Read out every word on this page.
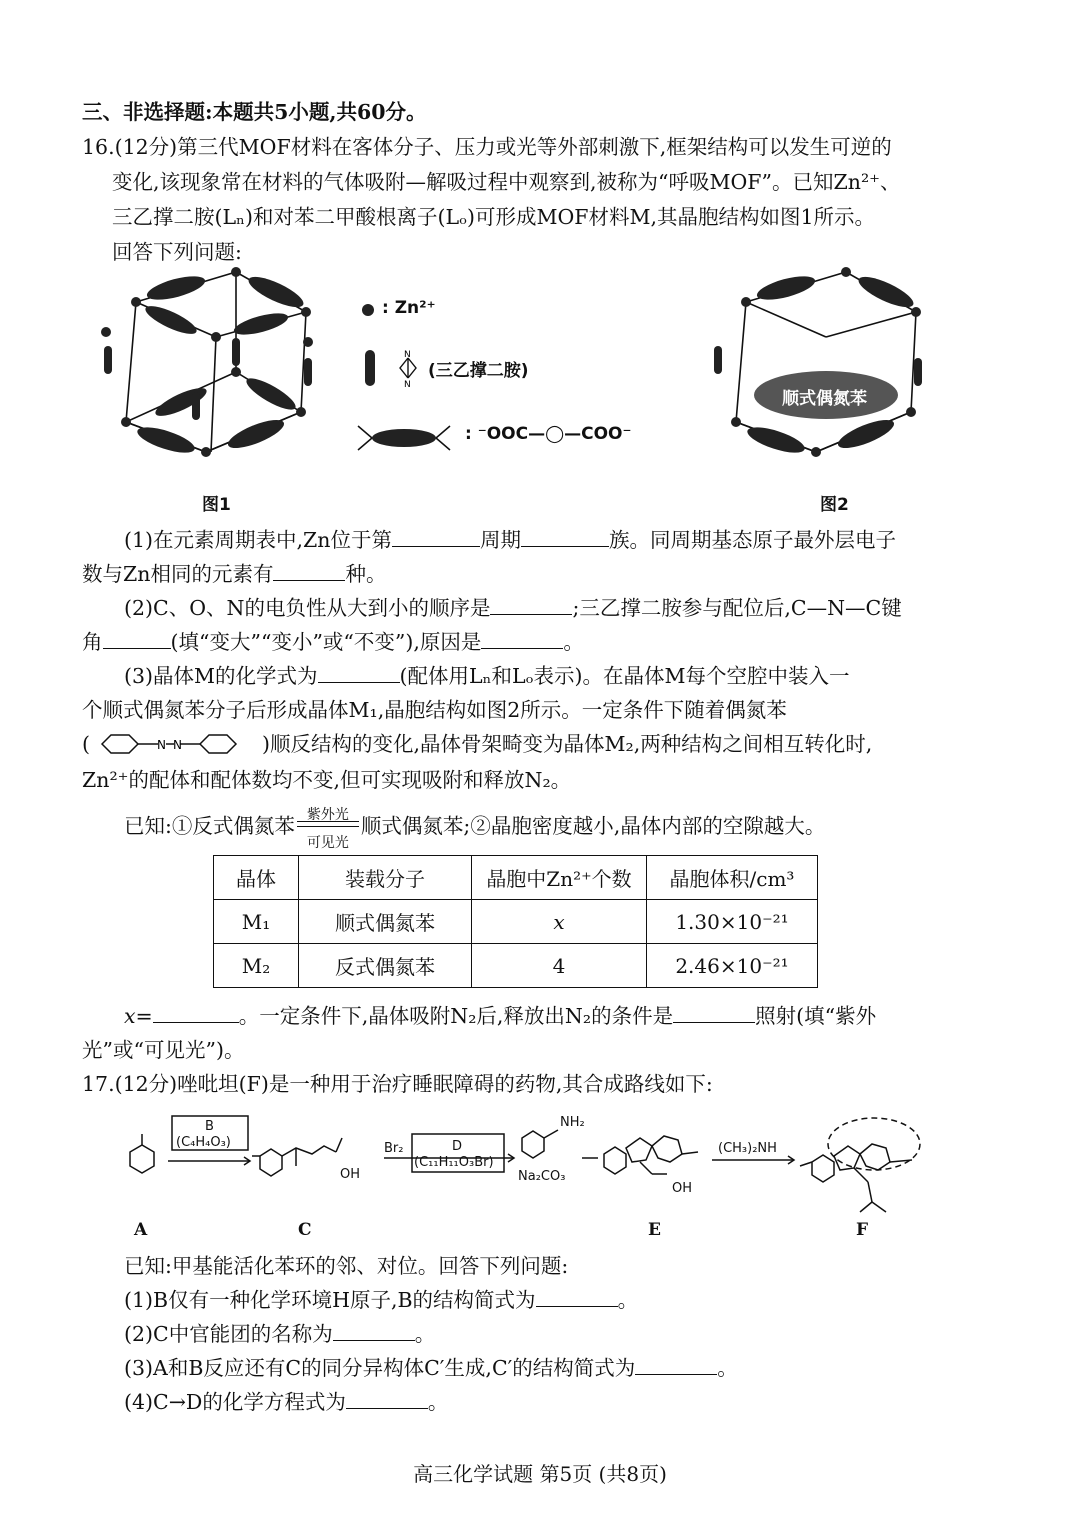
三、非选择题:本题共5小题,共60分。
16.(12分)第三代MOF材料在客体分子、压力或光等外部刺激下,框架结构可以发生可逆的
变化,该现象常在材料的气体吸附—解吸过程中观察到,被称为“呼吸MOF”。已知Zn²⁺、
三乙撑二胺(Lₙ)和对苯二甲酸根离子(Lₒ)可形成MOF材料M,其晶胞结构如图1所示。
回答下列问题:
图1
: Zn²⁺
N
N
(三乙撑二胺)
: ⁻OOC—◯—COO⁻
顺式偶氮苯
图2
(1)在元素周期表中,Zn位于第	周期	族。同周期基态原子最外层电子
数与Zn相同的元素有	种。
(2)C、O、N的电负性从大到小的顺序是	;三乙撑二胺参与配位后,C—N—C键
角	(填“变大”“变小”或“不变”),原因是	。
(3)晶体M的化学式为	(配体用Lₙ和Lₒ表示)。在晶体M每个空腔中装入一
个顺式偶氮苯分子后形成晶体M₁,晶胞结构如图2所示。一定条件下随着偶氮苯
(	N N	)顺反结构的变化,晶体骨架畸变为晶体M₂,两种结构之间相互转化时,
Zn²⁺的配体和配体数均不变,但可实现吸附和释放N₂。
已知:①反式偶氮苯 紫外光
可见光
顺式偶氮苯;②晶胞密度越小,晶体内部的空隙越大。
晶体	装载分子	晶胞中Zn²⁺个数	晶胞体积/cm³
M₁	顺式偶氮苯	x	1.30×10⁻²¹
M₂	反式偶氮苯	4	2.46×10⁻²¹
x=	。一定条件下,晶体吸附N₂后,释放出N₂的条件是	照射(填“紫外
光”或“可见光”)。
17.(12分)唑吡坦(F)是一种用于治疗睡眠障碍的药物,其合成路线如下:
B
(C₄H₄O₃)
OH
Br₂	D
(C₁₁H₁₁O₃Br)
NH₂
Na₂CO₃
OH
(CH₃)₂NH
A	C	E	F
已知:甲基能活化苯环的邻、对位。回答下列问题:
(1)B仅有一种化学环境H原子,B的结构简式为	。
(2)C中官能团的名称为	。
(3)A和B反应还有C的同分异构体C′生成,C′的结构简式为	。
(4)C→D的化学方程式为	。
高三化学试题 第5页 (共8页)
